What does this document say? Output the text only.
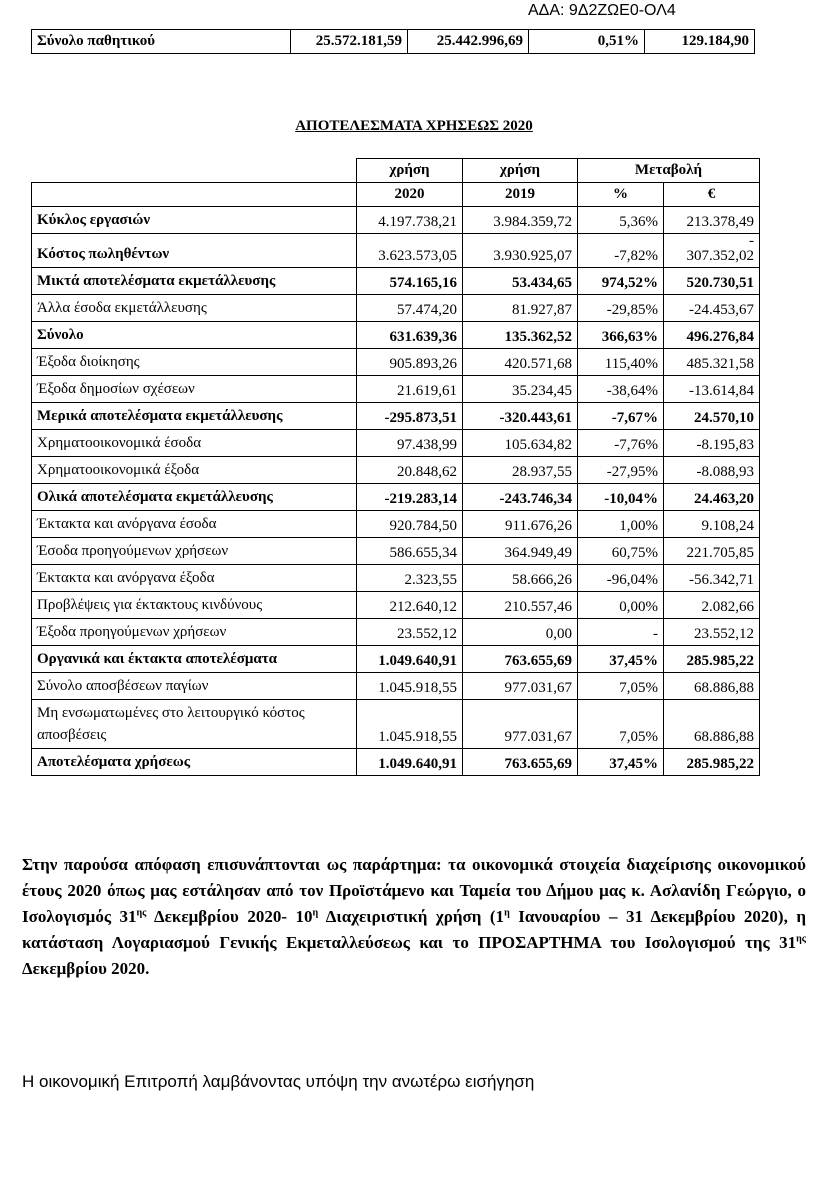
ΑΔΑ: 9Δ2ΖΩΕ0-ΟΛ4
Σύνολο παθητικού	25.572.181,59	25.442.996,69	0,51%	129.184,90
ΑΠΟΤΕΛΕΣΜΑΤΑ ΧΡΗΣΕΩΣ 2020
	χρήση	χρήση	Μεταβολή	
	2020	2019	%	€
Κύκλος εργασιών	4.197.738,21	3.984.359,72	5,36%	213.378,49
Κόστος πωληθέντων	3.623.573,05	3.930.925,07	-7,82%	-
307.352,02
Μικτά αποτελέσματα εκμετάλλευσης	574.165,16	53.434,65	974,52%	520.730,51
Άλλα έσοδα εκμετάλλευσης	57.474,20	81.927,87	-29,85%	-24.453,67
Σύνολο	631.639,36	135.362,52	366,63%	496.276,84
Έξοδα διοίκησης	905.893,26	420.571,68	115,40%	485.321,58
Έξοδα δημοσίων σχέσεων	21.619,61	35.234,45	-38,64%	-13.614,84
Μερικά αποτελέσματα εκμετάλλευσης	-295.873,51	-320.443,61	-7,67%	24.570,10
Χρηματοοικονομικά έσοδα	97.438,99	105.634,82	-7,76%	-8.195,83
Χρηματοοικονομικά έξοδα	20.848,62	28.937,55	-27,95%	-8.088,93
Ολικά αποτελέσματα εκμετάλλευσης	-219.283,14	-243.746,34	-10,04%	24.463,20
Έκτακτα και ανόργανα έσοδα	920.784,50	911.676,26	1,00%	9.108,24
Έσοδα προηγούμενων χρήσεων	586.655,34	364.949,49	60,75%	221.705,85
Έκτακτα και ανόργανα έξοδα	2.323,55	58.666,26	-96,04%	-56.342,71
Προβλέψεις για έκτακτους κινδύνους	212.640,12	210.557,46	0,00%	2.082,66
Έξοδα προηγούμενων χρήσεων	23.552,12	0,00	-	23.552,12
Οργανικά και έκτακτα αποτελέσματα	1.049.640,91	763.655,69	37,45%	285.985,22
Σύνολο αποσβέσεων παγίων	1.045.918,55	977.031,67	7,05%	68.886,88
Μη ενσωματωμένες στο λειτουργικό κόστος αποσβέσεις	1.045.918,55	977.031,67	7,05%	68.886,88
Αποτελέσματα χρήσεως	1.049.640,91	763.655,69	37,45%	285.985,22
Στην παρούσα απόφαση επισυνάπτονται ως παράρτημα: τα οικονομικά στοιχεία διαχείρισης οικονομικού έτους 2020 όπως μας εστάλησαν από τον Προϊστάμενο και Ταμεία του Δήμου μας κ. Ασλανίδη Γεώργιο, ο Ισολογισμός $31^{\eta\varsigma}$ Δεκεμβρίου 2020- $10^\eta$ Διαχειριστική χρήση ($1^\eta$ Ιανουαρίου – 31 Δεκεμβρίου 2020), η κατάσταση Λογαριασμού Γενικής Εκμεταλλεύσεως και το ΠΡΟΣΑΡΤΗΜΑ του Ισολογισμού της $31^{\eta\varsigma}$ Δεκεμβρίου 2020.
Η οικονομική Επιτροπή λαμβάνοντας υπόψη την ανωτέρω εισήγηση
